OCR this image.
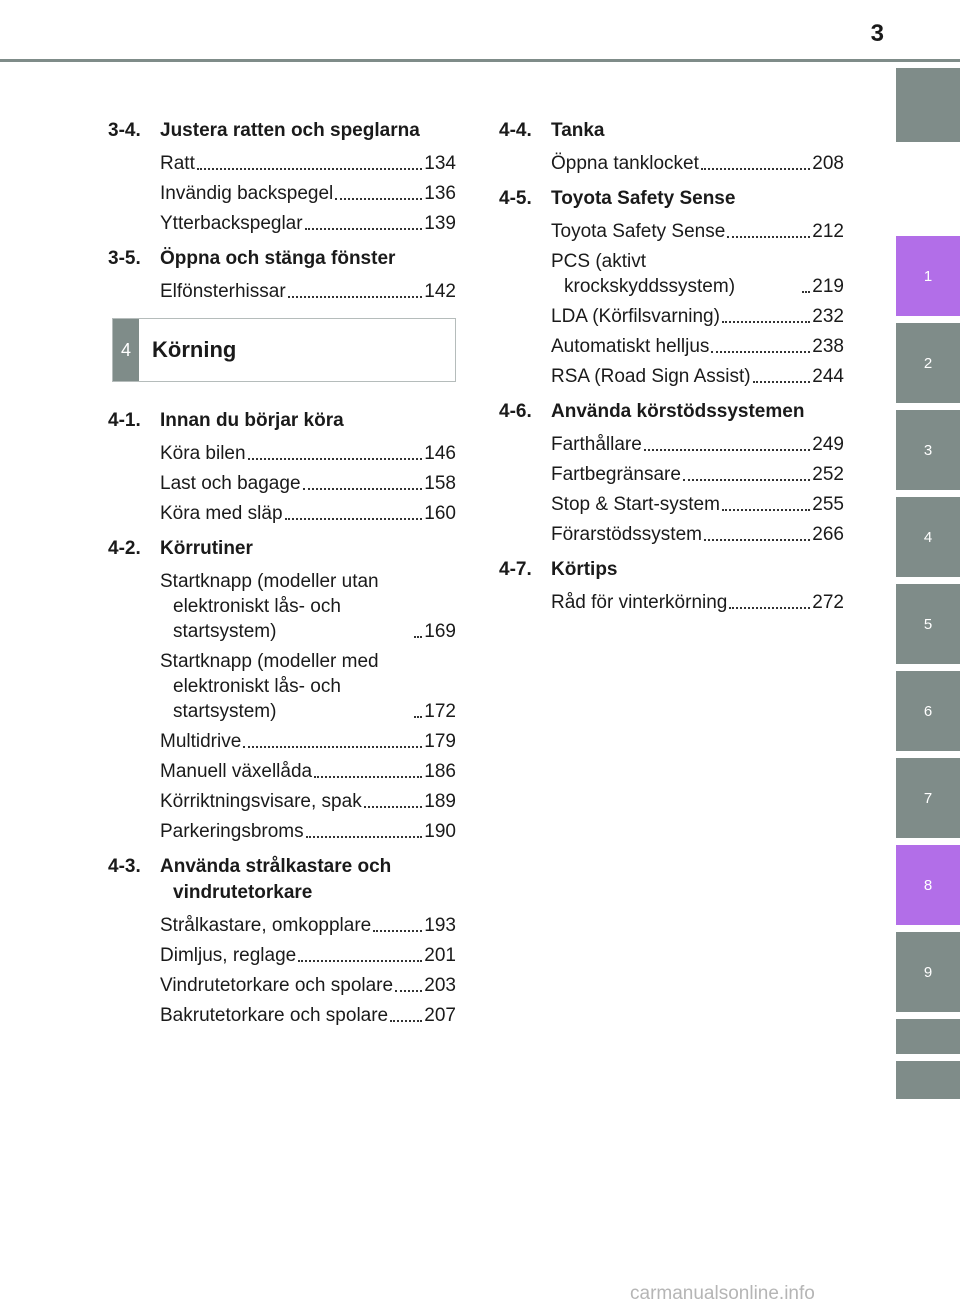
3
1
2
3
4
5
6
7
8
9
3-4.	Justera ratten och speglarna
Ratt	134
Invändig backspegel	136
Ytterbackspeglar	139
3-5.	Öppna och stänga fönster
Elfönsterhissar	142
4 Körning
4-1.	Innan du börjar köra
Köra bilen	146
Last och bagage	158
Köra med släp	160
4-2.	Körrutiner
Startknapp (modeller utan elektroniskt lås- och startsystem)	169
Startknapp (modeller med elektroniskt lås- och startsystem)	172
Multidrive	179
Manuell växellåda	186
Körriktningsvisare, spak	189
Parkeringsbroms	190
4-3.	Använda strålkastare och vindrutetorkare
Strålkastare, omkopplare	193
Dimljus, reglage	201
Vindrutetorkare och spolare 203
Bakrutetorkare och spolare 207
4-4.	Tanka
Öppna tanklocket	208
4-5.	Toyota Safety Sense
Toyota Safety Sense	212
PCS (aktivt krockskyddssystem)	219
LDA (Körfilsvarning)	232
Automatiskt helljus	238
RSA (Road Sign Assist)	244
4-6.	Använda körstödssystemen
Farthållare	249
Fartbegränsare	252
Stop & Start-system	255
Förarstödssystem	266
4-7.	Körtips
Råd för vinterkörning	272
carmanualsonline.info
